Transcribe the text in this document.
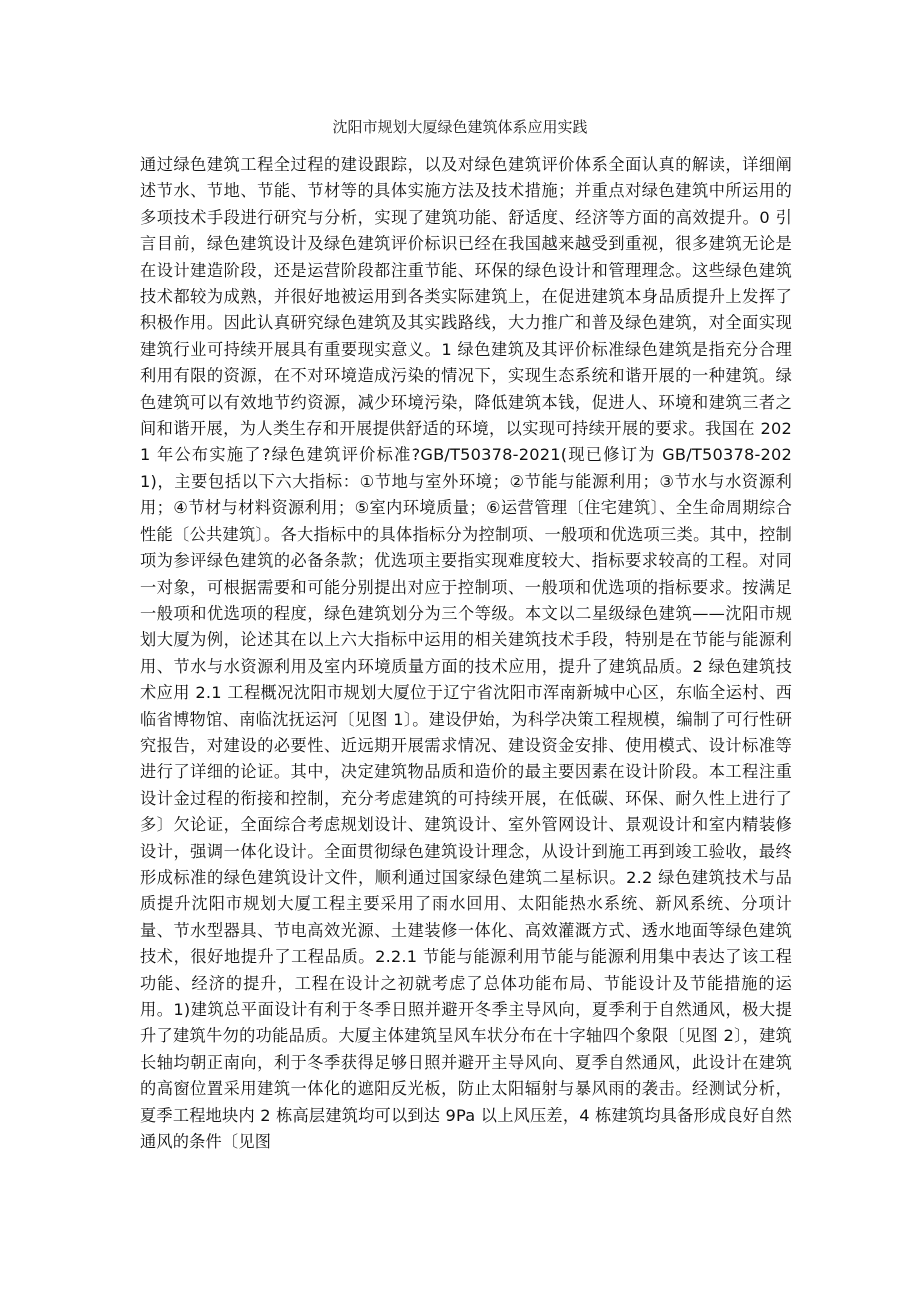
沈阳市规划大厦绿色建筑体系应用实践

通过绿色建筑工程全过程的建设跟踪，以及对绿色建筑评价体系全面认真的解读，详细阐述节水、节地、节能、节材等的具体实施方法及技术措施；并重点对绿色建筑中所运用的多项技术手段进行研究与分析，实现了建筑功能、舒适度、经济等方面的高效提升。0 引言目前，绿色建筑设计及绿色建筑评价标识已经在我国越来越受到重视，很多建筑无论是在设计建造阶段，还是运营阶段都注重节能、环保的绿色设计和管理理念。这些绿色建筑技术都较为成熟，并很好地被运用到各类实际建筑上，在促进建筑本身品质提升上发挥了积极作用。因此认真研究绿色建筑及其实践路线，大力推广和普及绿色建筑，对全面实现建筑行业可持续开展具有重要现实意义。1 绿色建筑及其评价标准绿色建筑是指充分合理利用有限的资源，在不对环境造成污染的情况下，实现生态系统和谐开展的一种建筑。绿色建筑可以有效地节约资源，减少环境污染，降低建筑本钱，促进人、环境和建筑三者之间和谐开展，为人类生存和开展提供舒适的环境，以实现可持续开展的要求。我国在 2021 年公布实施了?绿色建筑评价标准?GB/T50378-2021(现已修订为 GB/T50378-2021)，主要包括以下六大指标：①节地与室外环境；②节能与能源利用；③节水与水资源利用；④节材与材料资源利用；⑤室内环境质量；⑥运营管理〔住宅建筑〕、全生命周期综合性能〔公共建筑〕。各大指标中的具体指标分为控制项、一般项和优选项三类。其中，控制项为参评绿色建筑的必备条款；优选项主要指实现难度较大、指标要求较高的工程。对同一对象，可根据需要和可能分别提出对应于控制项、一般项和优选项的指标要求。按满足一般项和优选项的程度，绿色建筑划分为三个等级。本文以二星级绿色建筑——沈阳市规划大厦为例，论述其在以上六大指标中运用的相关建筑技术手段，特别是在节能与能源利用、节水与水资源利用及室内环境质量方面的技术应用，提升了建筑品质。2 绿色建筑技术应用 2.1 工程概况沈阳市规划大厦位于辽宁省沈阳市浑南新城中心区，东临全运村、西临省博物馆、南临沈抚运河〔见图 1〕。建设伊始，为科学决策工程规模，编制了可行性研究报告，对建设的必要性、近远期开展需求情况、建设资金安排、使用模式、设计标准等进行了详细的论证。其中，决定建筑物品质和造价的最主要因素在设计阶段。本工程注重设计金过程的衔接和控制，充分考虑建筑的可持续开展，在低碳、环保、耐久性上进行了多〕欠论证，全面综合考虑规划设计、建筑设计、室外管网设计、景观设计和室内精装修设计，强调一体化设计。全面贯彻绿色建筑设计理念，从设计到施工再到竣工验收，最终形成标准的绿色建筑设计文件，顺利通过国家绿色建筑二星标识。2.2 绿色建筑技术与品质提升沈阳市规划大厦工程主要采用了雨水回用、太阳能热水系统、新风系统、分项计量、节水型器具、节电高效光源、土建装修一体化、高效灌溉方式、透水地面等绿色建筑技术，很好地提升了工程品质。2.2.1 节能与能源利用节能与能源利用集中表达了该工程功能、经济的提升，工程在设计之初就考虑了总体功能布局、节能设计及节能措施的运用。1)建筑总平面设计有利于冬季日照并避开冬季主导风向，夏季利于自然通风，极大提升了建筑牛勿的功能品质。大厦主体建筑呈风车状分布在十字轴四个象限〔见图 2〕，建筑长轴均朝正南向，利于冬季获得足够日照并避开主导风向、夏季自然通风，此设计在建筑的高窗位置采用建筑一体化的遮阳反光板，防止太阳辐射与暴风雨的袭击。经测试分析，夏季工程地块内 2 栋高层建筑均可以到达 9Pa 以上风压差，4 栋建筑均具备形成良好自然通风的条件〔见图
